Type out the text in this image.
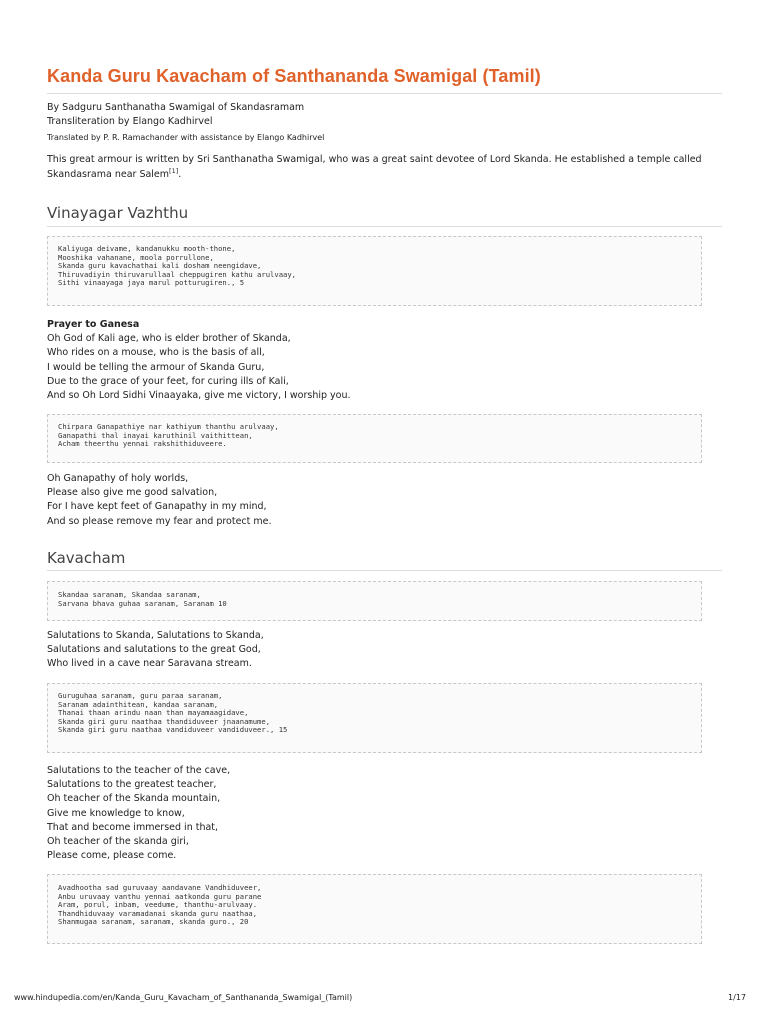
Kanda Guru Kavacham of Santhananda Swamigal (Tamil)
By Sadguru Santhanatha Swamigal of Skandasramam
Transliteration by Elango Kadhirvel
Translated by P. R. Ramachander with assistance by Elango Kadhirvel

This great armour is written by Sri Santhanatha Swamigal, who was a great saint devotee of Lord Skanda. He established a temple called Skandasrama near Salem[1].

Vinayagar Vazhthu
Kaliyuga deivame, kandanukku mooth-thone,
Mooshika vahanane, moola porrullone,
Skanda guru kavachathai kali dosham neengidave,
Thiruvadiyin thiruvarullaal cheppugiren kathu arulvaay,
Sithi vinaayaga jaya marul potturugiren., 5
Prayer to Ganesa
Oh God of Kali age, who is elder brother of Skanda,
Who rides on a mouse, who is the basis of all,
I would be telling the armour of Skanda Guru,
Due to the grace of your feet, for curing ills of Kali,
And so Oh Lord Sidhi Vinaayaka, give me victory, I worship you.
Chirpara Ganapathiye nar kathiyum thanthu arulvaay,
Ganapathi thal inayai karuthinil vaithittean,
Acham theerthu yennai rakshithiduveere.
Oh Ganapathy of holy worlds,
Please also give me good salvation,
For I have kept feet of Ganapathy in my mind,
And so please remove my fear and protect me.
Kavacham
Skandaa saranam, Skandaa saranam,
Sarvana bhava guhaa saranam, Saranam 10
Salutations to Skanda, Salutations to Skanda,
Salutations and salutations to the great God,
Who lived in a cave near Saravana stream.
Guruguhaa saranam, guru paraa saranam,
Saranam adainthitean, kandaa saranam,
Thanai thaan arindu naan than mayamaagidave,
Skanda giri guru naathaa thandiduveer jnaanamume,
Skanda giri guru naathaa vandiduveer vandiduveer., 15
Salutations to the teacher of the cave,
Salutations to the greatest teacher,
Oh teacher of the Skanda mountain,
Give me knowledge to know,
That and become immersed in that,
Oh teacher of the skanda giri,
Please come, please come.
Avadhootha sad guruvaay aandavane Vandhiduveer,
Anbu uruvaay vanthu yennai aatkonda guru parane
Aram, porul, inbam, veedume, thanthu-arulvaay.
Thandhiduvaay varamadanai skanda guru naathaa,
Shanmugaa saranam, saranam, skanda guro., 20
www.hindupedia.com/en/Kanda_Guru_Kavacham_of_Santhananda_Swamigal_(Tamil)	1/17
